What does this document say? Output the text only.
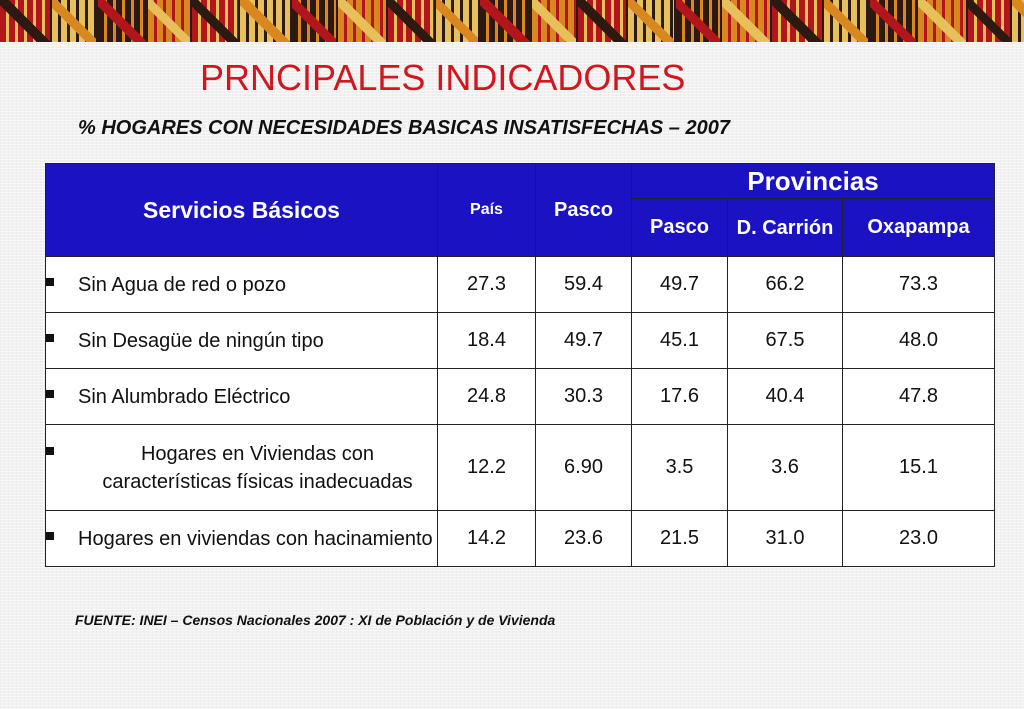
PRNCIPALES INDICADORES
% HOGARES CON NECESIDADES BASICAS INSATISFECHAS – 2007
Servicios Básicos	País	Pasco	Provincias		
			Pasco	D. Carrión	Oxapampa

Sin Agua de red o pozo	27.3	59.4	49.7	66.2	73.3

Sin Desagüe de ningún tipo	18.4	49.7	45.1	67.5	48.0

Sin Alumbrado Eléctrico	24.8	30.3	17.6	40.4	47.8

Hogares en Viviendas con características físicas inadecuadas	12.2	6.90	3.5	3.6	15.1

Hogares en viviendas con hacinamiento	14.2	23.6	21.5	31.0	23.0

FUENTE: INEI – Censos Nacionales 2007 : XI de Población y de Vivienda
